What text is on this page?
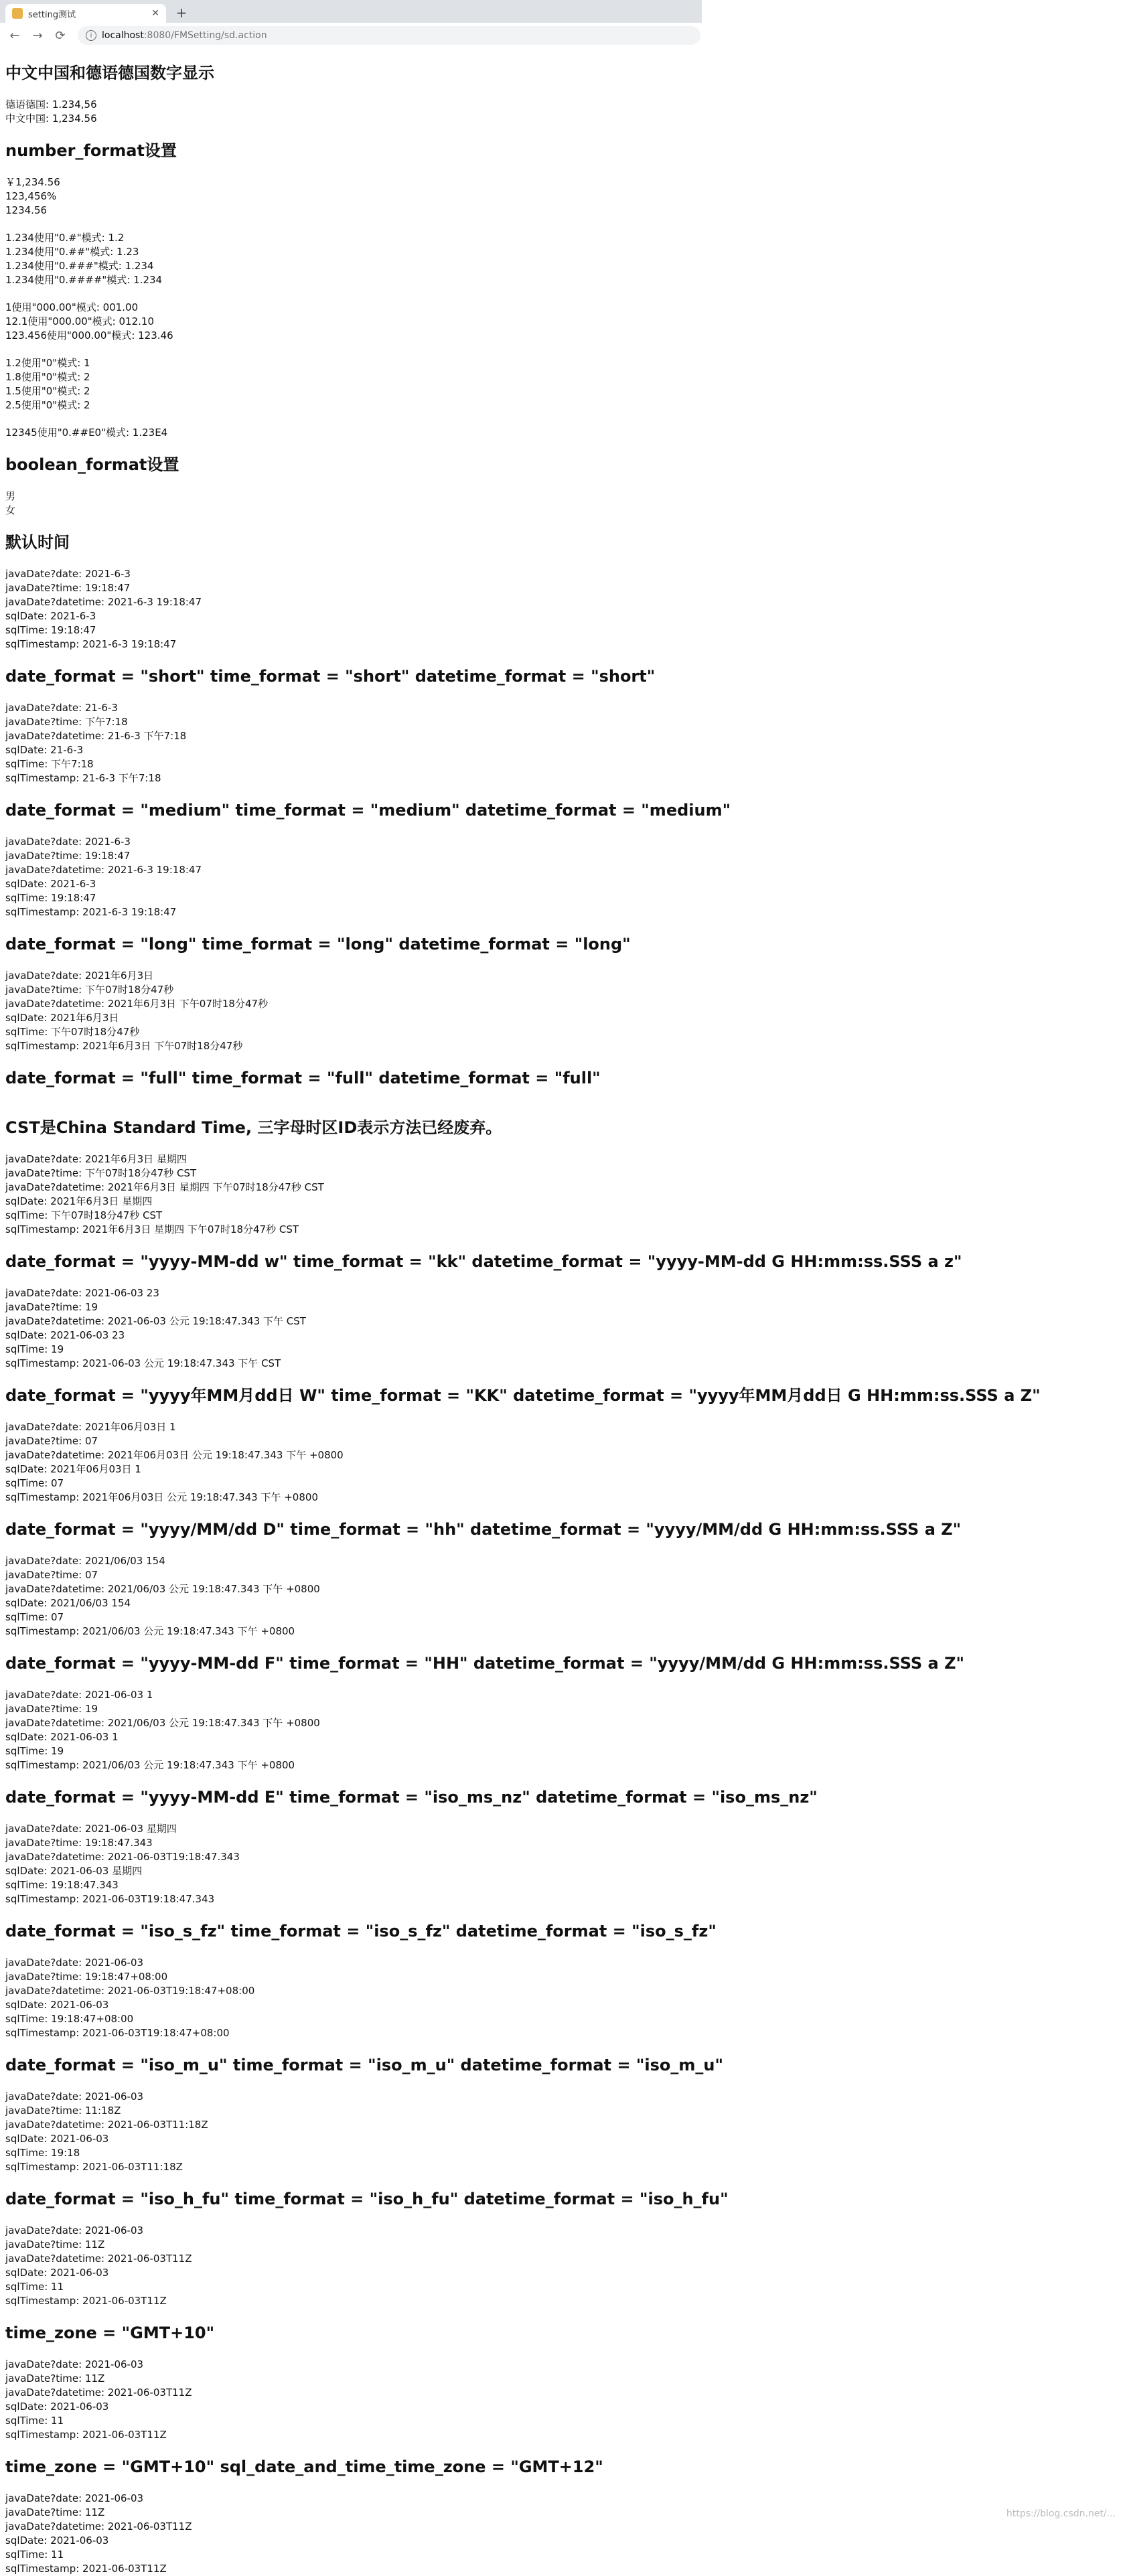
setting测试	✕ +
← → ⟳	i	localhost :8080/FMSetting/sd.action
中文中国和德语德国数字显示
德语德国: 1.234,56
中文中国: 1,234.56
number_format设置
￥1,234.56
123,456%
1234.56
1.234使用"0.#"模式: 1.2
1.234使用"0.##"模式: 1.23
1.234使用"0.###"模式: 1.234
1.234使用"0.####"模式: 1.234
1使用"000.00"模式: 001.00
12.1使用"000.00"模式: 012.10
123.456使用"000.00"模式: 123.46
1.2使用"0"模式: 1
1.8使用"0"模式: 2
1.5使用"0"模式: 2
2.5使用"0"模式: 2
12345使用"0.##E0"模式: 1.23E4
boolean_format设置
男
女
默认时间
javaDate?date: 2021-6-3
javaDate?time: 19:18:47
javaDate?datetime: 2021-6-3 19:18:47
sqlDate: 2021-6-3
sqlTime: 19:18:47
sqlTimestamp: 2021-6-3 19:18:47
date_format = "short" time_format = "short" datetime_format = "short"
javaDate?date: 21-6-3
javaDate?time: 下午7:18
javaDate?datetime: 21-6-3 下午7:18
sqlDate: 21-6-3
sqlTime: 下午7:18
sqlTimestamp: 21-6-3 下午7:18
date_format = "medium" time_format = "medium" datetime_format = "medium"
javaDate?date: 2021-6-3
javaDate?time: 19:18:47
javaDate?datetime: 2021-6-3 19:18:47
sqlDate: 2021-6-3
sqlTime: 19:18:47
sqlTimestamp: 2021-6-3 19:18:47
date_format = "long" time_format = "long" datetime_format = "long"
javaDate?date: 2021年6月3日
javaDate?time: 下午07时18分47秒
javaDate?datetime: 2021年6月3日 下午07时18分47秒
sqlDate: 2021年6月3日
sqlTime: 下午07时18分47秒
sqlTimestamp: 2021年6月3日 下午07时18分47秒
date_format = "full" time_format = "full" datetime_format = "full"
CST是China Standard Time, 三字母时区ID表示方法已经废弃。
javaDate?date: 2021年6月3日 星期四
javaDate?time: 下午07时18分47秒 CST
javaDate?datetime: 2021年6月3日 星期四 下午07时18分47秒 CST
sqlDate: 2021年6月3日 星期四
sqlTime: 下午07时18分47秒 CST
sqlTimestamp: 2021年6月3日 星期四 下午07时18分47秒 CST
date_format = "yyyy-MM-dd w" time_format = "kk" datetime_format = "yyyy-MM-dd G HH:mm:ss.SSS a z"
javaDate?date: 2021-06-03 23
javaDate?time: 19
javaDate?datetime: 2021-06-03 公元 19:18:47.343 下午 CST
sqlDate: 2021-06-03 23
sqlTime: 19
sqlTimestamp: 2021-06-03 公元 19:18:47.343 下午 CST
date_format = "yyyy年MM月dd日 W" time_format = "KK" datetime_format = "yyyy年MM月dd日 G HH:mm:ss.SSS a Z"
javaDate?date: 2021年06月03日 1
javaDate?time: 07
javaDate?datetime: 2021年06月03日 公元 19:18:47.343 下午 +0800
sqlDate: 2021年06月03日 1
sqlTime: 07
sqlTimestamp: 2021年06月03日 公元 19:18:47.343 下午 +0800
date_format = "yyyy/MM/dd D" time_format = "hh" datetime_format = "yyyy/MM/dd G HH:mm:ss.SSS a Z"
javaDate?date: 2021/06/03 154
javaDate?time: 07
javaDate?datetime: 2021/06/03 公元 19:18:47.343 下午 +0800
sqlDate: 2021/06/03 154
sqlTime: 07
sqlTimestamp: 2021/06/03 公元 19:18:47.343 下午 +0800
date_format = "yyyy-MM-dd F" time_format = "HH" datetime_format = "yyyy/MM/dd G HH:mm:ss.SSS a Z"
javaDate?date: 2021-06-03 1
javaDate?time: 19
javaDate?datetime: 2021/06/03 公元 19:18:47.343 下午 +0800
sqlDate: 2021-06-03 1
sqlTime: 19
sqlTimestamp: 2021/06/03 公元 19:18:47.343 下午 +0800
date_format = "yyyy-MM-dd E" time_format = "iso_ms_nz" datetime_format = "iso_ms_nz"
javaDate?date: 2021-06-03 星期四
javaDate?time: 19:18:47.343
javaDate?datetime: 2021-06-03T19:18:47.343
sqlDate: 2021-06-03 星期四
sqlTime: 19:18:47.343
sqlTimestamp: 2021-06-03T19:18:47.343
date_format = "iso_s_fz" time_format = "iso_s_fz" datetime_format = "iso_s_fz"
javaDate?date: 2021-06-03
javaDate?time: 19:18:47+08:00
javaDate?datetime: 2021-06-03T19:18:47+08:00
sqlDate: 2021-06-03
sqlTime: 19:18:47+08:00
sqlTimestamp: 2021-06-03T19:18:47+08:00
date_format = "iso_m_u" time_format = "iso_m_u" datetime_format = "iso_m_u"
javaDate?date: 2021-06-03
javaDate?time: 11:18Z
javaDate?datetime: 2021-06-03T11:18Z
sqlDate: 2021-06-03
sqlTime: 19:18
sqlTimestamp: 2021-06-03T11:18Z
date_format = "iso_h_fu" time_format = "iso_h_fu" datetime_format = "iso_h_fu"
javaDate?date: 2021-06-03
javaDate?time: 11Z
javaDate?datetime: 2021-06-03T11Z
sqlDate: 2021-06-03
sqlTime: 11
sqlTimestamp: 2021-06-03T11Z
time_zone = "GMT+10"
javaDate?date: 2021-06-03
javaDate?time: 11Z
javaDate?datetime: 2021-06-03T11Z
sqlDate: 2021-06-03
sqlTime: 11
sqlTimestamp: 2021-06-03T11Z
time_zone = "GMT+10" sql_date_and_time_time_zone = "GMT+12"
javaDate?date: 2021-06-03
javaDate?time: 11Z
javaDate?datetime: 2021-06-03T11Z
sqlDate: 2021-06-03
sqlTime: 11
sqlTimestamp: 2021-06-03T11Z
https://blog.csdn.net/...
